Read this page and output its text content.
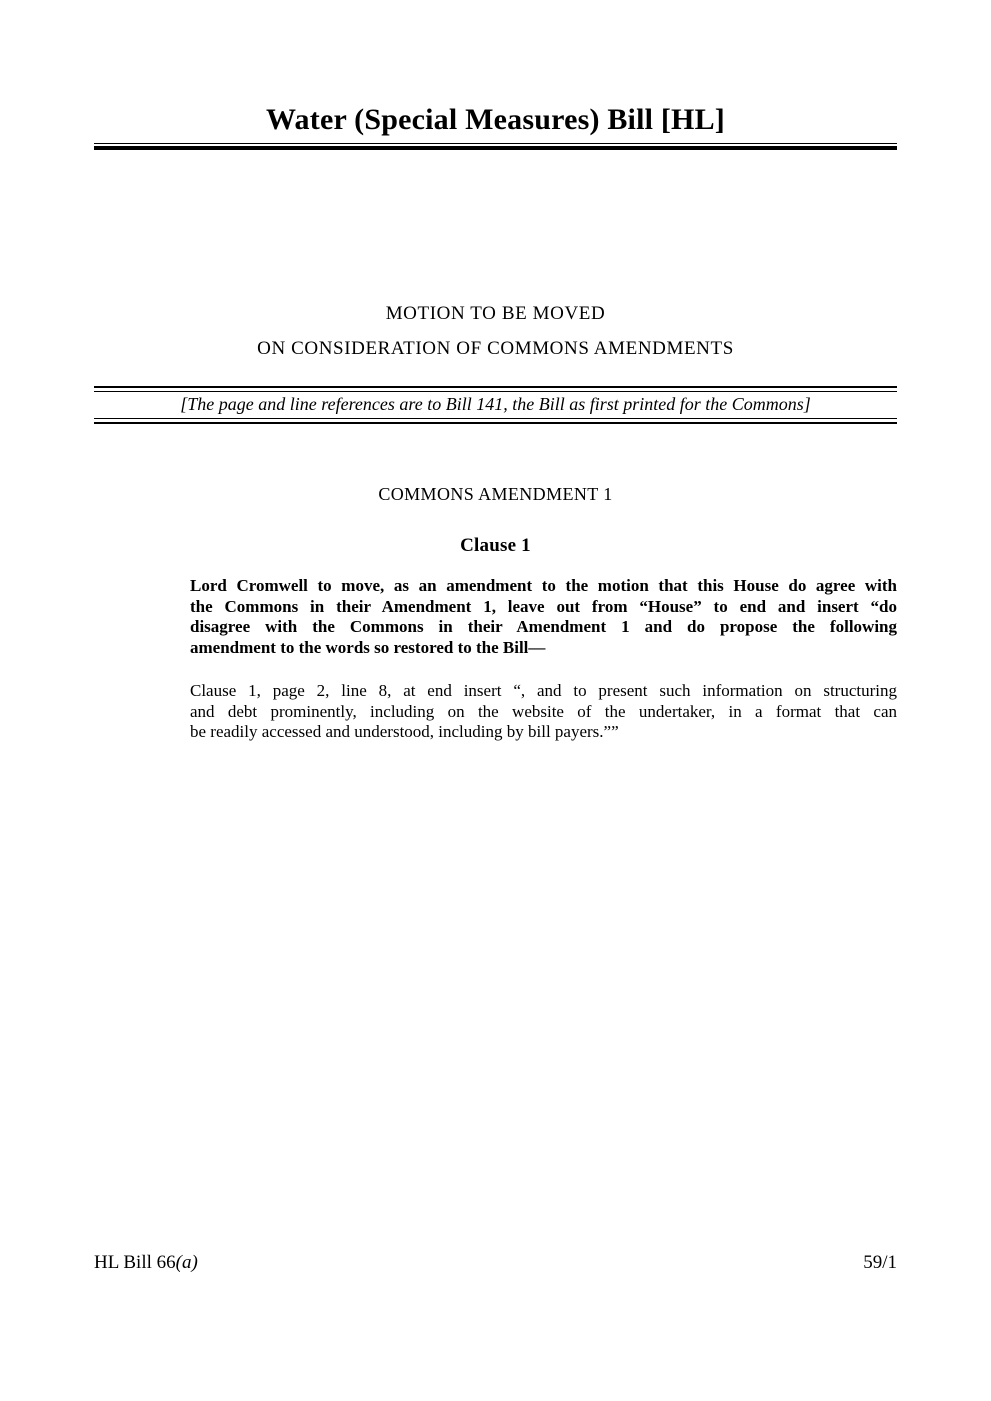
Water (Special Measures) Bill [HL]
MOTION TO BE MOVED
ON CONSIDERATION OF COMMONS AMENDMENTS

[The page and line references are to Bill 141, the Bill as first printed for the Commons]

COMMONS AMENDMENT 1
Clause 1
Lord Cromwell to move, as an amendment to the motion that this House do agree with
the Commons in their Amendment 1, leave out from “House” to end and insert “do
disagree with the Commons in their Amendment 1 and do propose the following
amendment to the words so restored to the Bill—
Clause 1, page 2, line 8, at end insert “, and to present such information on structuring
and debt prominently, including on the website of the undertaker, in a format that can
be readily accessed and understood, including by bill payers.””
HL Bill 66(a)	59/1
